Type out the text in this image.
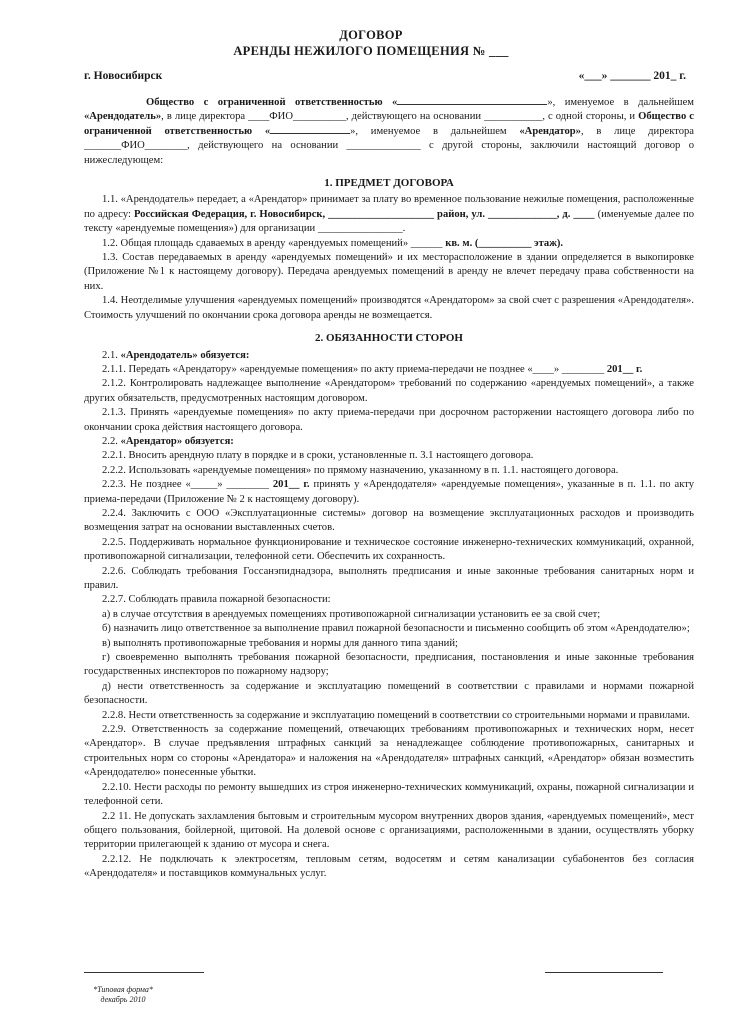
ДОГОВОР
АРЕНДЫ НЕЖИЛОГО ПОМЕЩЕНИЯ № ___
г. Новосибирск	«___» _______ 201_ г.

Общество с ограниченной ответственностью «	», именуемое в дальнейшем «Арендодатель», в лице директора ____ФИО__________, действующего на основании ___________, с одной стороны, и Общество с ограниченной ответственностью «	», именуемое в дальнейшем «Арендатор», в лице директора _______ФИО________, действующего на основании ______________ с другой стороны, заключили настоящий договор о нижеследующем:

1. ПРЕДМЕТ ДОГОВОРА

1.1. «Арендодатель» передает, а «Арендатор» принимает за плату во временное пользование нежилые помещения, расположенные по адресу: Российская Федерация, г. Новосибирск, ____________________ район, ул. _____________, д. ____ (именуемые далее по тексту «арендуемые помещения») для организации ________________.

1.2. Общая площадь сдаваемых в аренду «арендуемых помещений» ______ кв. м. (__________ этаж).

1.3. Состав передаваемых в аренду «арендуемых помещений» и их месторасположение в здании определяется в выкопировке (Приложение №1 к настоящему договору). Передача арендуемых помещений в аренду не влечет передачу права собственности на них.

1.4. Неотделимые улучшения «арендуемых помещений» производятся «Арендатором» за свой счет с разрешения «Арендодателя». Стоимость улучшений по окончании срока договора аренды не возмещается.

2. ОБЯЗАННОСТИ СТОРОН

2.1. «Арендодатель» обязуется:

2.1.1. Передать «Арендатору» «арендуемые помещения» по акту приема-передачи не позднее «____» ________ 201__ г.

2.1.2. Контролировать надлежащее выполнение «Арендатором» требований по содержанию «арендуемых помещений», а также других обязательств, предусмотренных настоящим договором.

2.1.3. Принять «арендуемые помещения» по акту приема-передачи при досрочном расторжении настоящего договора либо по окончании срока действия настоящего договора.

2.2. «Арендатор» обязуется:

2.2.1. Вносить арендную плату в порядке и в сроки, установленные п. 3.1 настоящего договора.

2.2.2. Использовать «арендуемые помещения» по прямому назначению, указанному в п. 1.1. настоящего договора.

2.2.3. Не позднее «_____» ________ 201__ г. принять у «Арендодателя» «арендуемые помещения», указанные в п. 1.1. по акту приема-передачи (Приложение № 2 к настоящему договору).

2.2.4. Заключить с ООО «Эксплуатационные системы» договор на возмещение эксплуатационных расходов и производить возмещения затрат на основании выставленных счетов.

2.2.5. Поддерживать нормальное функционирование и техническое состояние инженерно-технических коммуникаций, охранной, противопожарной сигнализации, телефонной сети. Обеспечить их сохранность.

2.2.6. Соблюдать требования Госсанэпиднадзора, выполнять предписания и иные законные требования санитарных норм и правил.

2.2.7. Соблюдать правила пожарной безопасности:

а) в случае отсутствия в арендуемых помещениях противопожарной сигнализации установить ее за свой счет;

б) назначить лицо ответственное за выполнение правил пожарной безопасности и письменно сообщить об этом «Арендодателю»;

в) выполнять противопожарные требования и нормы для данного типа зданий;

г) своевременно выполнять требования пожарной безопасности, предписания, постановления и иные законные требования государственных инспекторов по пожарному надзору;

д) нести ответственность за содержание и эксплуатацию помещений в соответствии с правилами и нормами пожарной безопасности.

2.2.8. Нести ответственность за содержание и эксплуатацию помещений в соответствии со строительными нормами и правилами.

2.2.9. Ответственность за содержание помещений, отвечающих требованиям противопожарных и технических норм, несет «Арендатор». В случае предъявления штрафных санкций за ненадлежащее соблюдение противопожарных, санитарных и строительных норм со стороны «Арендатора» и наложения на «Арендодателя» штрафных санкций, «Арендатор» обязан возместить «Арендодателю» понесенные убытки.

2.2.10. Нести расходы по ремонту вышедших из строя инженерно-технических коммуникаций, охраны, пожарной сигнализации и телефонной сети.

2.2 11. Не допускать захламления бытовым и строительным мусором внутренних дворов здания, «арендуемых помещений», мест общего пользования, бойлерной, щитовой. На долевой основе с организациями, расположенными в здании, осуществлять уборку территории прилегающей к зданию от мусора и снега.

2.2.12. Не подключать к электросетям, тепловым сетям, водосетям и сетям канализации субабонентов без согласия «Арендодателя» и поставщиков коммунальных услуг.

*Типовая форма*
декабрь 2010
